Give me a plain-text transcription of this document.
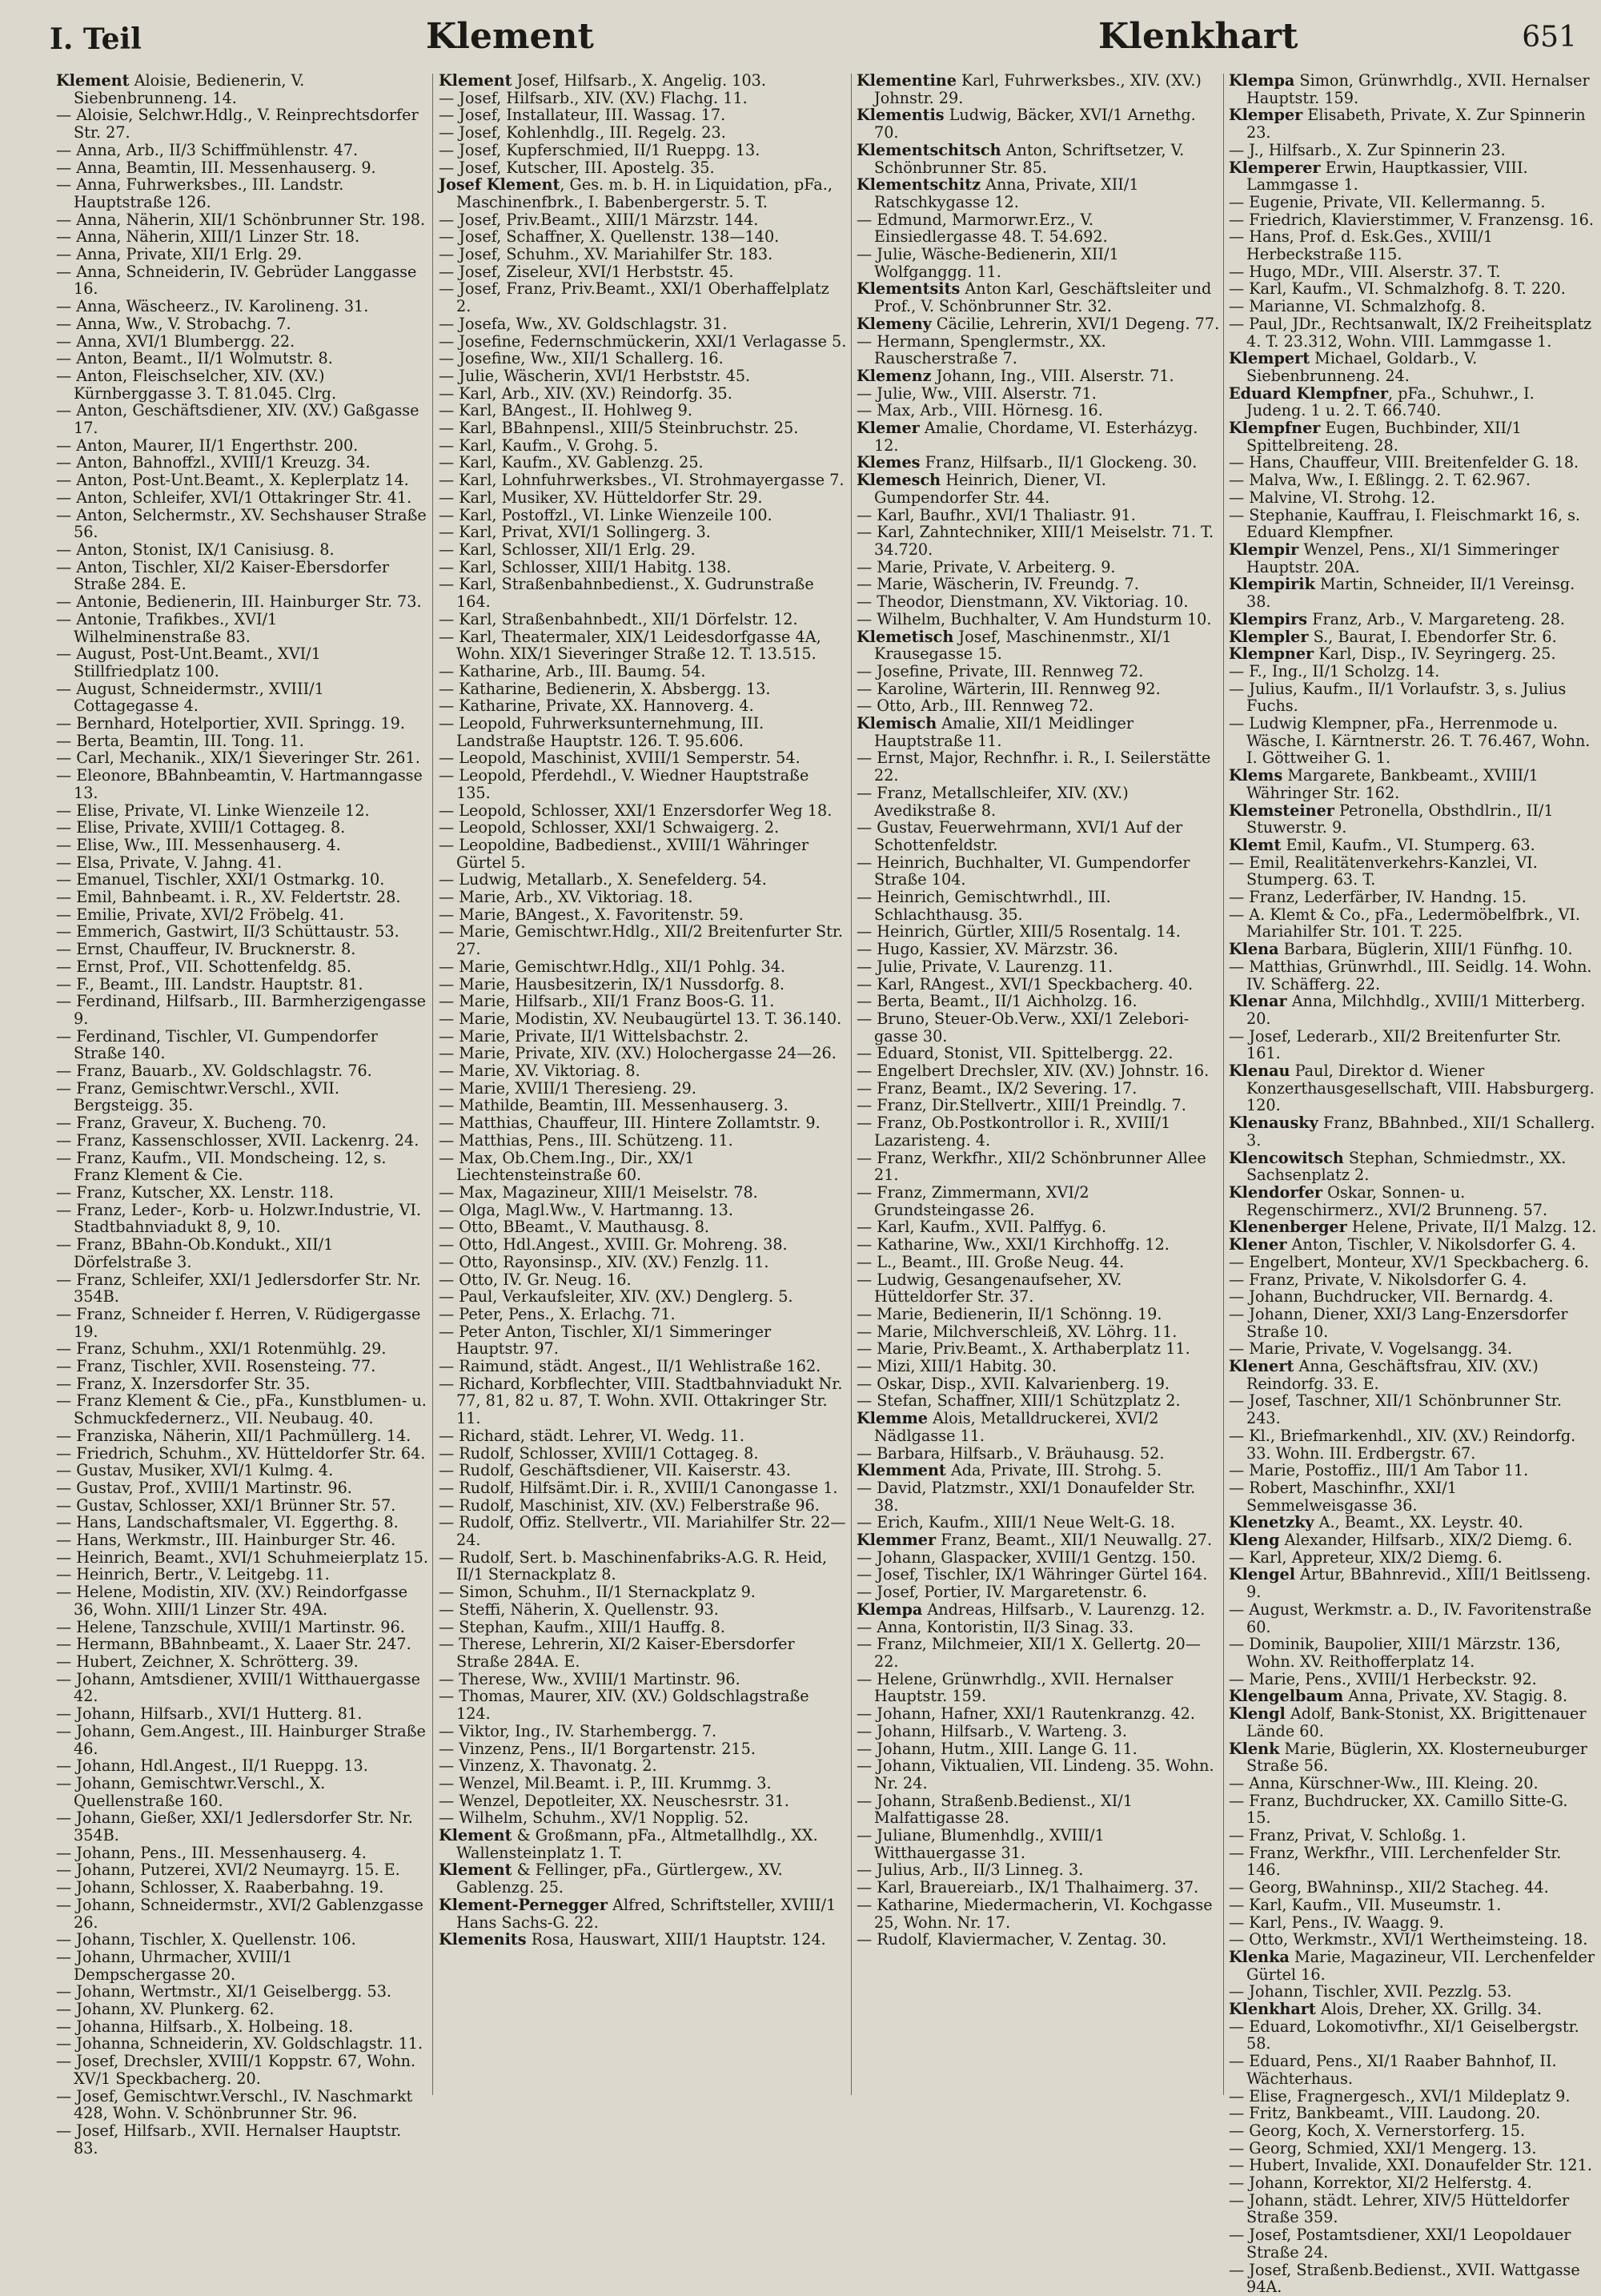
I. Teil	Klement	Klenkhart	651

Klement Aloisie, Bedienerin, V. Siebenbrunneng. 14.

— Aloisie, Selchwr.Hdlg., V. Reinprechtsdorfer Str. 27.

— Anna, Arb., II/3 Schiffmühlenstr. 47.

— Anna, Beamtin, III. Messenhauserg. 9.

— Anna, Fuhrwerksbes., III. Landstr. Hauptstraße 126.

— Anna, Näherin, XII/1 Schönbrunner Str. 198.

— Anna, Näherin, XIII/1 Linzer Str. 18.

— Anna, Private, XII/1 Erlg. 29.

— Anna, Schneiderin, IV. Gebrüder Langgasse 16.

— Anna, Wäscheerz., IV. Karolineng. 31.

— Anna, Ww., V. Strobachg. 7.

— Anna, XVI/1 Blumbergg. 22.

— Anton, Beamt., II/1 Wolmutstr. 8.

— Anton, Fleischselcher, XIV. (XV.) Kürnberggasse 3. T. 81.045. Clrg.

— Anton, Geschäftsdiener, XIV. (XV.) Gaßgasse 17.

— Anton, Maurer, II/1 Engerthstr. 200.

— Anton, Bahnoffzl., XVIII/1 Kreuzg. 34.

— Anton, Post-Unt.Beamt., X. Keplerplatz 14.

— Anton, Schleifer, XVI/1 Ottakringer Str. 41.

— Anton, Selchermstr., XV. Sechshauser Straße 56.

— Anton, Stonist, IX/1 Canisiusg. 8.

— Anton, Tischler, XI/2 Kaiser-Ebersdorfer Straße 284. E.

— Antonie, Bedienerin, III. Hainburger Str. 73.

— Antonie, Trafikbes., XVI/1 Wilhelminenstraße 83.

— August, Post-Unt.Beamt., XVI/1 Stillfriedplatz 100.

— August, Schneidermstr., XVIII/1 Cottagegasse 4.

— Bernhard, Hotelportier, XVII. Springg. 19.

— Berta, Beamtin, III. Tong. 11.

— Carl, Mechanik., XIX/1 Sieveringer Str. 261.

— Eleonore, BBahnbeamtin, V. Hartmanngasse 13.

— Elise, Private, VI. Linke Wienzeile 12.

— Elise, Private, XVIII/1 Cottageg. 8.

— Elise, Ww., III. Messenhauserg. 4.

— Elsa, Private, V. Jahng. 41.

— Emanuel, Tischler, XXI/1 Ostmarkg. 10.

— Emil, Bahnbeamt. i. R., XV. Feldertstr. 28.

— Emilie, Private, XVI/2 Fröbelg. 41.

— Emmerich, Gastwirt, II/3 Schüttaustr. 53.

— Ernst, Chauffeur, IV. Brucknerstr. 8.

— Ernst, Prof., VII. Schottenfeldg. 85.

— F., Beamt., III. Landstr. Hauptstr. 81.

— Ferdinand, Hilfsarb., III. Barmherzigengasse 9.

— Ferdinand, Tischler, VI. Gumpendorfer Straße 140.

— Franz, Bauarb., XV. Goldschlagstr. 76.

— Franz, Gemischtwr.Verschl., XVII. Bergsteigg. 35.

— Franz, Graveur, X. Bucheng. 70.

— Franz, Kassenschlosser, XVII. Lackenrg. 24.

— Franz, Kaufm., VII. Mondscheing. 12, s. Franz Klement & Cie.

— Franz, Kutscher, XX. Lenstr. 118.

— Franz, Leder-, Korb- u. Holzwr.Industrie, VI. Stadtbahnviadukt 8, 9, 10.

— Franz, BBahn-Ob.Kondukt., XII/1 Dörfelstraße 3.

— Franz, Schleifer, XXI/1 Jedlersdorfer Str. Nr. 354B.

— Franz, Schneider f. Herren, V. Rüdigergasse 19.

— Franz, Schuhm., XXI/1 Rotenmühlg. 29.

— Franz, Tischler, XVII. Rosensteing. 77.

— Franz, X. Inzersdorfer Str. 35.

— Franz Klement & Cie., pFa., Kunstblumen- u. Schmuckfedernerz., VII. Neubaug. 40.

— Franziska, Näherin, XII/1 Pachmüllerg. 14.

— Friedrich, Schuhm., XV. Hütteldorfer Str. 64.

— Gustav, Musiker, XVI/1 Kulmg. 4.

— Gustav, Prof., XVIII/1 Martinstr. 96.

— Gustav, Schlosser, XXI/1 Brünner Str. 57.

— Hans, Landschaftsmaler, VI. Eggerthg. 8.

— Hans, Werkmstr., III. Hainburger Str. 46.

— Heinrich, Beamt., XVI/1 Schuhmeierplatz 15.

— Heinrich, Bertr., V. Leitgebg. 11.

— Helene, Modistin, XIV. (XV.) Reindorfgasse 36, Wohn. XIII/1 Linzer Str. 49A.

— Helene, Tanzschule, XVIII/1 Martinstr. 96.

— Hermann, BBahnbeamt., X. Laaer Str. 247.

— Hubert, Zeichner, X. Schrötterg. 39.

— Johann, Amtsdiener, XVIII/1 Witthauergasse 42.

— Johann, Hilfsarb., XVI/1 Hutterg. 81.

— Johann, Gem.Angest., III. Hainburger Straße 46.

— Johann, Hdl.Angest., II/1 Rueppg. 13.

— Johann, Gemischtwr.Verschl., X. Quellenstraße 160.

— Johann, Gießer, XXI/1 Jedlersdorfer Str. Nr. 354B.

— Johann, Pens., III. Messenhauserg. 4.

— Johann, Putzerei, XVI/2 Neumayrg. 15. E.

— Johann, Schlosser, X. Raaberbahng. 19.

— Johann, Schneidermstr., XVI/2 Gablenzgasse 26.

— Johann, Tischler, X. Quellenstr. 106.

— Johann, Uhrmacher, XVIII/1 Dempschergasse 20.

— Johann, Wertmstr., XI/1 Geiselbergg. 53.

— Johann, XV. Plunkerg. 62.

— Johanna, Hilfsarb., X. Holbeing. 18.

— Johanna, Schneiderin, XV. Goldschlagstr. 11.

— Josef, Drechsler, XVIII/1 Koppstr. 67, Wohn. XV/1 Speckbacherg. 20.

— Josef, Gemischtwr.Verschl., IV. Naschmarkt 428, Wohn. V. Schönbrunner Str. 96.

— Josef, Hilfsarb., XVII. Hernalser Hauptstr. 83.

Klement Josef, Hilfsarb., X. Angelig. 103.

— Josef, Hilfsarb., XIV. (XV.) Flachg. 11.

— Josef, Installateur, III. Wassag. 17.

— Josef, Kohlenhdlg., III. Regelg. 23.

— Josef, Kupferschmied, II/1 Rueppg. 13.

— Josef, Kutscher, III. Apostelg. 35.

Josef Klement, Ges. m. b. H. in Liquidation, pFa., Maschinenfbrk., I. Babenbergerstr. 5. T.

— Josef, Priv.Beamt., XIII/1 Märzstr. 144.

— Josef, Schaffner, X. Quellenstr. 138—140.

— Josef, Schuhm., XV. Mariahilfer Str. 183.

— Josef, Ziseleur, XVI/1 Herbststr. 45.

— Josef, Franz, Priv.Beamt., XXI/1 Oberhaffelplatz 2.

— Josefa, Ww., XV. Goldschlagstr. 31.

— Josefine, Federnschmückerin, XXI/1 Verlagasse 5.

— Josefine, Ww., XII/1 Schallerg. 16.

— Julie, Wäscherin, XVI/1 Herbststr. 45.

— Karl, Arb., XIV. (XV.) Reindorfg. 35.

— Karl, BAngest., II. Hohlweg 9.

— Karl, BBahnpensl., XIII/5 Steinbruchstr. 25.

— Karl, Kaufm., V. Grohg. 5.

— Karl, Kaufm., XV. Gablenzg. 25.

— Karl, Lohnfuhrwerksbes., VI. Strohmayergasse 7.

— Karl, Musiker, XV. Hütteldorfer Str. 29.

— Karl, Postoffzl., VI. Linke Wienzeile 100.

— Karl, Privat, XVI/1 Sollingerg. 3.

— Karl, Schlosser, XII/1 Erlg. 29.

— Karl, Schlosser, XIII/1 Habitg. 138.

— Karl, Straßenbahnbedienst., X. Gudrunstraße 164.

— Karl, Straßenbahnbedt., XII/1 Dörfelstr. 12.

— Karl, Theatermaler, XIX/1 Leidesdorfgasse 4A, Wohn. XIX/1 Sieveringer Straße 12. T. 13.515.

— Katharine, Arb., III. Baumg. 54.

— Katharine, Bedienerin, X. Absbergg. 13.

— Katharine, Private, XX. Hannoverg. 4.

— Leopold, Fuhrwerksunternehmung, III. Landstraße Hauptstr. 126. T. 95.606.

— Leopold, Maschinist, XVIII/1 Semperstr. 54.

— Leopold, Pferdehdl., V. Wiedner Hauptstraße 135.

— Leopold, Schlosser, XXI/1 Enzersdorfer Weg 18.

— Leopold, Schlosser, XXI/1 Schwaigerg. 2.

— Leopoldine, Badbedienst., XVIII/1 Währinger Gürtel 5.

— Ludwig, Metallarb., X. Senefelderg. 54.

— Marie, Arb., XV. Viktoriag. 18.

— Marie, BAngest., X. Favoritenstr. 59.

— Marie, Gemischtwr.Hdlg., XII/2 Breitenfurter Str. 27.

— Marie, Gemischtwr.Hdlg., XII/1 Pohlg. 34.

— Marie, Hausbesitzerin, IX/1 Nussdorfg. 8.

— Marie, Hilfsarb., XII/1 Franz Boos-G. 11.

— Marie, Modistin, XV. Neubaugürtel 13. T. 36.140.

— Marie, Private, II/1 Wittelsbachstr. 2.

— Marie, Private, XIV. (XV.) Holochergasse 24—26.

— Marie, XV. Viktoriag. 8.

— Marie, XVIII/1 Theresieng. 29.

— Mathilde, Beamtin, III. Messenhauserg. 3.

— Matthias, Chauffeur, III. Hintere Zollamtstr. 9.

— Matthias, Pens., III. Schützeng. 11.

— Max, Ob.Chem.Ing., Dir., XX/1 Liechtensteinstraße 60.

— Max, Magazineur, XIII/1 Meiselstr. 78.

— Olga, Magl.Ww., V. Hartmanng. 13.

— Otto, BBeamt., V. Mauthausg. 8.

— Otto, Hdl.Angest., XVIII. Gr. Mohreng. 38.

— Otto, Rayonsinsp., XIV. (XV.) Fenzlg. 11.

— Otto, IV. Gr. Neug. 16.

— Paul, Verkaufsleiter, XIV. (XV.) Denglerg. 5.

— Peter, Pens., X. Erlachg. 71.

— Peter Anton, Tischler, XI/1 Simmeringer Hauptstr. 97.

— Raimund, städt. Angest., II/1 Wehlistraße 162.

— Richard, Korbflechter, VIII. Stadtbahnviadukt Nr. 77, 81, 82 u. 87, T. Wohn. XVII. Ottakringer Str. 11.

— Richard, städt. Lehrer, VI. Wedg. 11.

— Rudolf, Schlosser, XVIII/1 Cottageg. 8.

— Rudolf, Geschäftsdiener, VII. Kaiserstr. 43.

— Rudolf, Hilfsämt.Dir. i. R., XVIII/1 Canongasse 1.

— Rudolf, Maschinist, XIV. (XV.) Felberstraße 96.

— Rudolf, Offiz. Stellvertr., VII. Mariahilfer Str. 22—24.

— Rudolf, Sert. b. Maschinenfabriks-A.G. R. Heid, II/1 Sternackplatz 8.

— Simon, Schuhm., II/1 Sternackplatz 9.

— Steffi, Näherin, X. Quellenstr. 93.

— Stephan, Kaufm., XIII/1 Hauffg. 8.

— Therese, Lehrerin, XI/2 Kaiser-Ebersdorfer Straße 284A. E.

— Therese, Ww., XVIII/1 Martinstr. 96.

— Thomas, Maurer, XIV. (XV.) Goldschlagstraße 124.

— Viktor, Ing., IV. Starhembergg. 7.

— Vinzenz, Pens., II/1 Borgartenstr. 215.

— Vinzenz, X. Thavonatg. 2.

— Wenzel, Mil.Beamt. i. P., III. Krummg. 3.

— Wenzel, Depotleiter, XX. Neuschesrstr. 31.

— Wilhelm, Schuhm., XV/1 Nopplig. 52.

Klement & Großmann, pFa., Altmetallhdlg., XX. Wallensteinplatz 1. T.

Klement & Fellinger, pFa., Gürtlergew., XV. Gablenzg. 25.

Klement-Pernegger Alfred, Schriftsteller, XVIII/1 Hans Sachs-G. 22.

Klemenits Rosa, Hauswart, XIII/1 Hauptstr. 124.

Klementine Karl, Fuhrwerksbes., XIV. (XV.) Johnstr. 29.

Klementis Ludwig, Bäcker, XVI/1 Arnethg. 70.

Klementschitsch Anton, Schriftsetzer, V. Schönbrunner Str. 85.

Klementschitz Anna, Private, XII/1 Ratschkygasse 12.

— Edmund, Marmorwr.Erz., V. Einsiedlergasse 48. T. 54.692.

— Julie, Wäsche-Bedienerin, XII/1 Wolfganggg. 11.

Klementsits Anton Karl, Geschäftsleiter und Prof., V. Schönbrunner Str. 32.

Klemeny Cäcilie, Lehrerin, XVI/1 Degeng. 77.

— Hermann, Spenglermstr., XX. Rauscherstraße 7.

Klemenz Johann, Ing., VIII. Alserstr. 71.

— Julie, Ww., VIII. Alserstr. 71.

— Max, Arb., VIII. Hörnesg. 16.

Klemer Amalie, Chordame, VI. Esterházyg. 12.

Klemes Franz, Hilfsarb., II/1 Glockeng. 30.

Klemesch Heinrich, Diener, VI. Gumpendorfer Str. 44.

— Karl, Baufhr., XVI/1 Thaliastr. 91.

— Karl, Zahntechniker, XIII/1 Meiselstr. 71. T. 34.720.

— Marie, Private, V. Arbeiterg. 9.

— Marie, Wäscherin, IV. Freundg. 7.

— Theodor, Dienstmann, XV. Viktoriag. 10.

— Wilhelm, Buchhalter, V. Am Hundsturm 10.

Klemetisch Josef, Maschinenmstr., XI/1 Krausegasse 15.

— Josefine, Private, III. Rennweg 72.

— Karoline, Wärterin, III. Rennweg 92.

— Otto, Arb., III. Rennweg 72.

Klemisch Amalie, XII/1 Meidlinger Hauptstraße 11.

— Ernst, Major, Rechnfhr. i. R., I. Seilerstätte 22.

— Franz, Metallschleifer, XIV. (XV.) Avedikstraße 8.

— Gustav, Feuerwehrmann, XVI/1 Auf der Schottenfeldstr.

— Heinrich, Buchhalter, VI. Gumpendorfer Straße 104.

— Heinrich, Gemischtwrhdl., III. Schlachthausg. 35.

— Heinrich, Gürtler, XIII/5 Rosentalg. 14.

— Hugo, Kassier, XV. Märzstr. 36.

— Julie, Private, V. Laurenzg. 11.

— Karl, RAngest., XVI/1 Speckbacherg. 40.

— Berta, Beamt., II/1 Aichholzg. 16.

— Bruno, Steuer-Ob.Verw., XXI/1 Zelebori-gasse 30.

— Eduard, Stonist, VII. Spittelbergg. 22.

— Engelbert Drechsler, XIV. (XV.) Johnstr. 16.

— Franz, Beamt., IX/2 Severing. 17.

— Franz, Dir.Stellvertr., XIII/1 Preindlg. 7.

— Franz, Ob.Postkontrollor i. R., XVIII/1 Lazaristeng. 4.

— Franz, Werkfhr., XII/2 Schönbrunner Allee 21.

— Franz, Zimmermann, XVI/2 Grundsteingasse 26.

— Karl, Kaufm., XVII. Palffyg. 6.

— Katharine, Ww., XXI/1 Kirchhoffg. 12.

— L., Beamt., III. Große Neug. 44.

— Ludwig, Gesangenaufseher, XV. Hütteldorfer Str. 37.

— Marie, Bedienerin, II/1 Schönng. 19.

— Marie, Milchverschleiß, XV. Löhrg. 11.

— Marie, Priv.Beamt., X. Arthaberplatz 11.

— Mizi, XIII/1 Habitg. 30.

— Oskar, Disp., XVII. Kalvarienberg. 19.

— Stefan, Schaffner, XIII/1 Schützplatz 2.

Klemme Alois, Metalldruckerei, XVI/2 Nädlgasse 11.

— Barbara, Hilfsarb., V. Bräuhausg. 52.

Klemment Ada, Private, III. Strohg. 5.

— David, Platzmstr., XXI/1 Donaufelder Str. 38.

— Erich, Kaufm., XIII/1 Neue Welt-G. 18.

Klemmer Franz, Beamt., XII/1 Neuwallg. 27.

— Johann, Glaspacker, XVIII/1 Gentzg. 150.

— Josef, Tischler, IX/1 Währinger Gürtel 164.

— Josef, Portier, IV. Margaretenstr. 6.

Klempa Andreas, Hilfsarb., V. Laurenzg. 12.

— Anna, Kontoristin, II/3 Sinag. 33.

— Franz, Milchmeier, XII/1 X. Gellertg. 20—22.

— Helene, Grünwrhdlg., XVII. Hernalser Hauptstr. 159.

— Johann, Hafner, XXI/1 Rautenkranzg. 42.

— Johann, Hilfsarb., V. Warteng. 3.

— Johann, Hutm., XIII. Lange G. 11.

— Johann, Viktualien, VII. Lindeng. 35. Wohn. Nr. 24.

— Johann, Straßenb.Bedienst., XI/1 Malfattigasse 28.

— Juliane, Blumenhdlg., XVIII/1 Witthauergasse 31.

— Julius, Arb., II/3 Linneg. 3.

— Karl, Brauereiarb., IX/1 Thalhaimerg. 37.

— Katharine, Miedermacherin, VI. Kochgasse 25, Wohn. Nr. 17.

— Rudolf, Klaviermacher, V. Zentag. 30.

Klempa Simon, Grünwrhdlg., XVII. Hernalser Hauptstr. 159.

Klemper Elisabeth, Private, X. Zur Spinnerin 23.

— J., Hilfsarb., X. Zur Spinnerin 23.

Klemperer Erwin, Hauptkassier, VIII. Lammgasse 1.

— Eugenie, Private, VII. Kellermanng. 5.

— Friedrich, Klavierstimmer, V. Franzensg. 16.

— Hans, Prof. d. Esk.Ges., XVIII/1 Herbeckstraße 115.

— Hugo, MDr., VIII. Alserstr. 37. T.

— Karl, Kaufm., VI. Schmalzhofg. 8. T. 220.

— Marianne, VI. Schmalzhofg. 8.

— Paul, JDr., Rechtsanwalt, IX/2 Freiheitsplatz 4. T. 23.312, Wohn. VIII. Lammgasse 1.

Klempert Michael, Goldarb., V. Siebenbrunneng. 24.

Eduard Klempfner, pFa., Schuhwr., I. Judeng. 1 u. 2. T. 66.740.

Klempfner Eugen, Buchbinder, XII/1 Spittelbreiteng. 28.

— Hans, Chauffeur, VIII. Breitenfelder G. 18.

— Malva, Ww., I. Eßlingg. 2. T. 62.967.

— Malvine, VI. Strohg. 12.

— Stephanie, Kauffrau, I. Fleischmarkt 16, s. Eduard Klempfner.

Klempir Wenzel, Pens., XI/1 Simmeringer Hauptstr. 20A.

Klempirik Martin, Schneider, II/1 Vereinsg. 38.

Klempirs Franz, Arb., V. Margareteng. 28.

Klempler S., Baurat, I. Ebendorfer Str. 6.

Klempner Karl, Disp., IV. Seyringerg. 25.

— F., Ing., II/1 Scholzg. 14.

— Julius, Kaufm., II/1 Vorlaufstr. 3, s. Julius Fuchs.

— Ludwig Klempner, pFa., Herrenmode u. Wäsche, I. Kärntnerstr. 26. T. 76.467, Wohn. I. Göttweiher G. 1.

Klems Margarete, Bankbeamt., XVIII/1 Währinger Str. 162.

Klemsteiner Petronella, Obsthdlrin., II/1 Stuwerstr. 9.

Klemt Emil, Kaufm., VI. Stumperg. 63.

— Emil, Realitätenverkehrs-Kanzlei, VI. Stumperg. 63. T.

— Franz, Lederfärber, IV. Handng. 15.

— A. Klemt & Co., pFa., Ledermöbelfbrk., VI. Mariahilfer Str. 101. T. 225.

Klena Barbara, Büglerin, XIII/1 Fünfhg. 10.

— Matthias, Grünwrhdl., III. Seidlg. 14. Wohn. IV. Schäfferg. 22.

Klenar Anna, Milchhdlg., XVIII/1 Mitterberg. 20.

— Josef, Lederarb., XII/2 Breitenfurter Str. 161.

Klenau Paul, Direktor d. Wiener Konzerthausgesellschaft, VIII. Habsburgerg. 120.

Klenausky Franz, BBahnbed., XII/1 Schallerg. 3.

Klencowitsch Stephan, Schmiedmstr., XX. Sachsenplatz 2.

Klendorfer Oskar, Sonnen- u. Regenschirmerz., XVI/2 Brunneng. 57.

Klenenberger Helene, Private, II/1 Malzg. 12.

Klener Anton, Tischler, V. Nikolsdorfer G. 4.

— Engelbert, Monteur, XV/1 Speckbacherg. 6.

— Franz, Private, V. Nikolsdorfer G. 4.

— Johann, Buchdrucker, VII. Bernardg. 4.

— Johann, Diener, XXI/3 Lang-Enzersdorfer Straße 10.

— Marie, Private, V. Vogelsangg. 34.

Klenert Anna, Geschäftsfrau, XIV. (XV.) Reindorfg. 33. E.

— Josef, Taschner, XII/1 Schönbrunner Str. 243.

— Kl., Briefmarkenhdl., XIV. (XV.) Reindorfg. 33. Wohn. III. Erdbergstr. 67.

— Marie, Postoffiz., III/1 Am Tabor 11.

— Robert, Maschinfhr., XXI/1 Semmelweisgasse 36.

Klenetzky A., Beamt., XX. Leystr. 40.

Kleng Alexander, Hilfsarb., XIX/2 Diemg. 6.

— Karl, Appreteur, XIX/2 Diemg. 6.

Klengel Artur, BBahnrevid., XIII/1 Beitlsseng. 9.

— August, Werkmstr. a. D., IV. Favoritenstraße 60.

— Dominik, Baupolier, XIII/1 Märzstr. 136, Wohn. XV. Reithofferplatz 14.

— Marie, Pens., XVIII/1 Herbeckstr. 92.

Klengelbaum Anna, Private, XV. Stagig. 8.

Klengl Adolf, Bank-Stonist, XX. Brigittenauer Lände 60.

Klenk Marie, Büglerin, XX. Klosterneuburger Straße 56.

— Anna, Kürschner-Ww., III. Kleing. 20.

— Franz, Buchdrucker, XX. Camillo Sitte-G. 15.

— Franz, Privat, V. Schloßg. 1.

— Franz, Werkfhr., VIII. Lerchenfelder Str. 146.

— Georg, BWahninsp., XII/2 Stacheg. 44.

— Karl, Kaufm., VII. Museumstr. 1.

— Karl, Pens., IV. Waagg. 9.

— Otto, Werkmstr., XVI/1 Wertheimsteing. 18.

Klenka Marie, Magazineur, VII. Lerchenfelder Gürtel 16.

— Johann, Tischler, XVII. Pezzlg. 53.

Klenkhart Alois, Dreher, XX. Grillg. 34.

— Eduard, Lokomotivfhr., XI/1 Geiselbergstr. 58.

— Eduard, Pens., XI/1 Raaber Bahnhof, II. Wächterhaus.

— Elise, Fragnergesch., XVI/1 Mildeplatz 9.

— Fritz, Bankbeamt., VIII. Laudong. 20.

— Georg, Koch, X. Vernerstorferg. 15.

— Georg, Schmied, XXI/1 Mengerg. 13.

— Hubert, Invalide, XXI. Donaufelder Str. 121.

— Johann, Korrektor, XI/2 Helferstg. 4.

— Johann, städt. Lehrer, XIV/5 Hütteldorfer Straße 359.

— Josef, Postamtsdiener, XXI/1 Leopoldauer Straße 24.

— Josef, Straßenb.Bedienst., XVII. Wattgasse 94A.
